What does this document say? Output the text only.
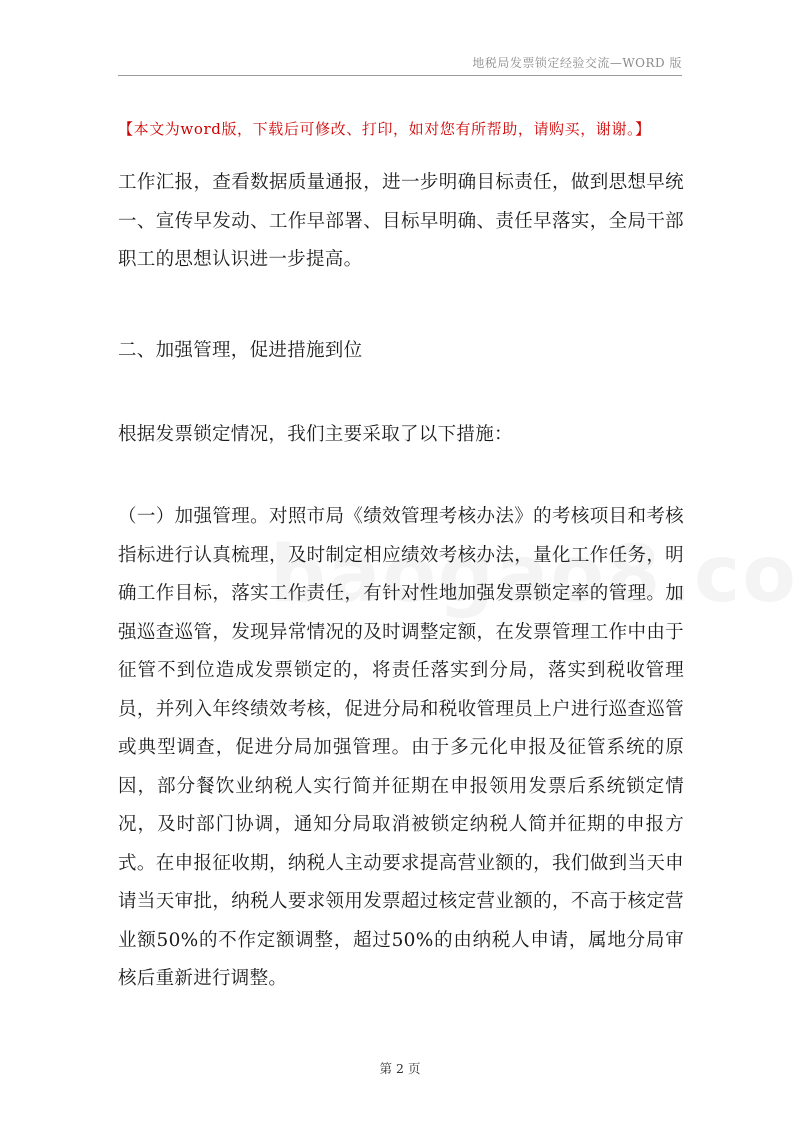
地税局发票锁定经验交流—WORD 版
【本文为word版，下载后可修改、打印，如对您有所帮助，请购买，谢谢。】

工作汇报，查看数据质量通报，进一步明确目标责任，做到思想早统一、宣传早发动、工作早部署、目标早明确、责任早落实，全局干部职工的思想认识进一步提高。

二、加强管理，促进措施到位

根据发票锁定情况，我们主要采取了以下措施：

（一）加强管理。对照市局《绩效管理考核办法》的考核项目和考核指标进行认真梳理，及时制定相应绩效考核办法，量化工作任务，明确工作目标，落实工作责任，有针对性地加强发票锁定率的管理。加强巡查巡管，发现异常情况的及时调整定额，在发票管理工作中由于征管不到位造成发票锁定的，将责任落实到分局，落实到税收管理员，并列入年终绩效考核，促进分局和税收管理员上户进行巡查巡管或典型调查，促进分局加强管理。由于多元化申报及征管系统的原因，部分餐饮业纳税人实行简并征期在申报领用发票后系统锁定情况，及时部门协调，通知分局取消被锁定纳税人简并征期的申报方式。在申报征收期，纳税人主动要求提高营业额的，我们做到当天申请当天审批，纳税人要求领用发票超过核定营业额的，不高于核定营业额50%的不作定额调整，超过50%的由纳税人申请，属地分局审核后重新进行调整。

第 2 页
